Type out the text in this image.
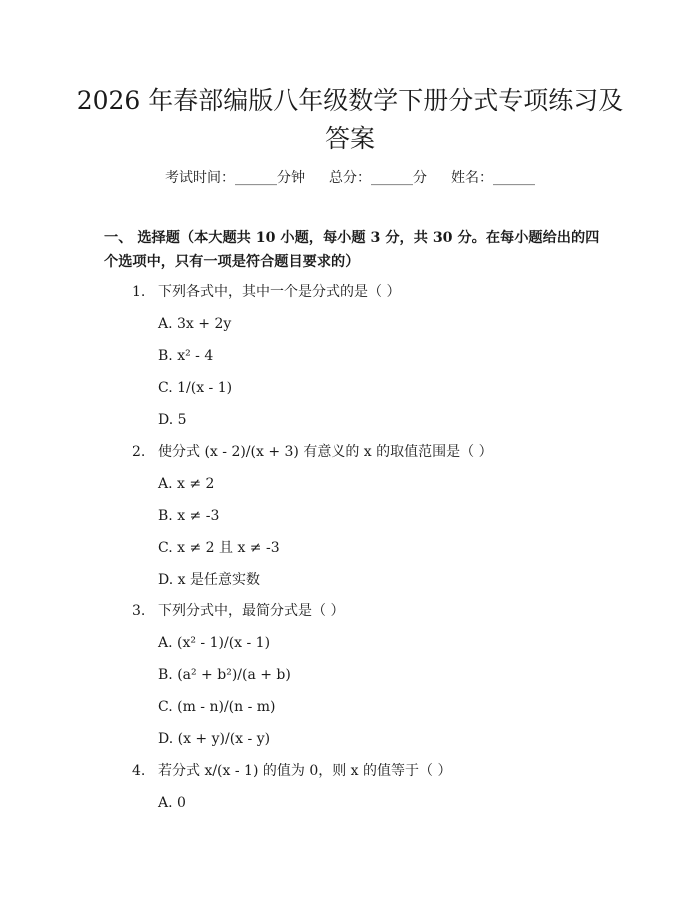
2026 年春部编版八年级数学下册分式专项练习及答案
考试时间：______分钟 总分：______分 姓名：______

一、 选择题（本大题共 10 小题，每小题 3 分，共 30 分。在每小题给出的四个选项中，只有一项是符合题目要求的）

1. 下列各式中，其中一个是分式的是（ ）
A. 3x + 2y
B. x² - 4
C. 1/(x - 1)
D. 5
2. 使分式 (x - 2)/(x + 3) 有意义的 x 的取值范围是（ ）
A. x ≠ 2
B. x ≠ -3
C. x ≠ 2 且 x ≠ -3
D. x 是任意实数
3. 下列分式中，最简分式是（ ）
A. (x² - 1)/(x - 1)
B. (a² + b²)/(a + b)
C. (m - n)/(n - m)
D. (x + y)/(x - y)
4. 若分式 x/(x - 1) 的值为 0，则 x 的值等于（ ）
A. 0
